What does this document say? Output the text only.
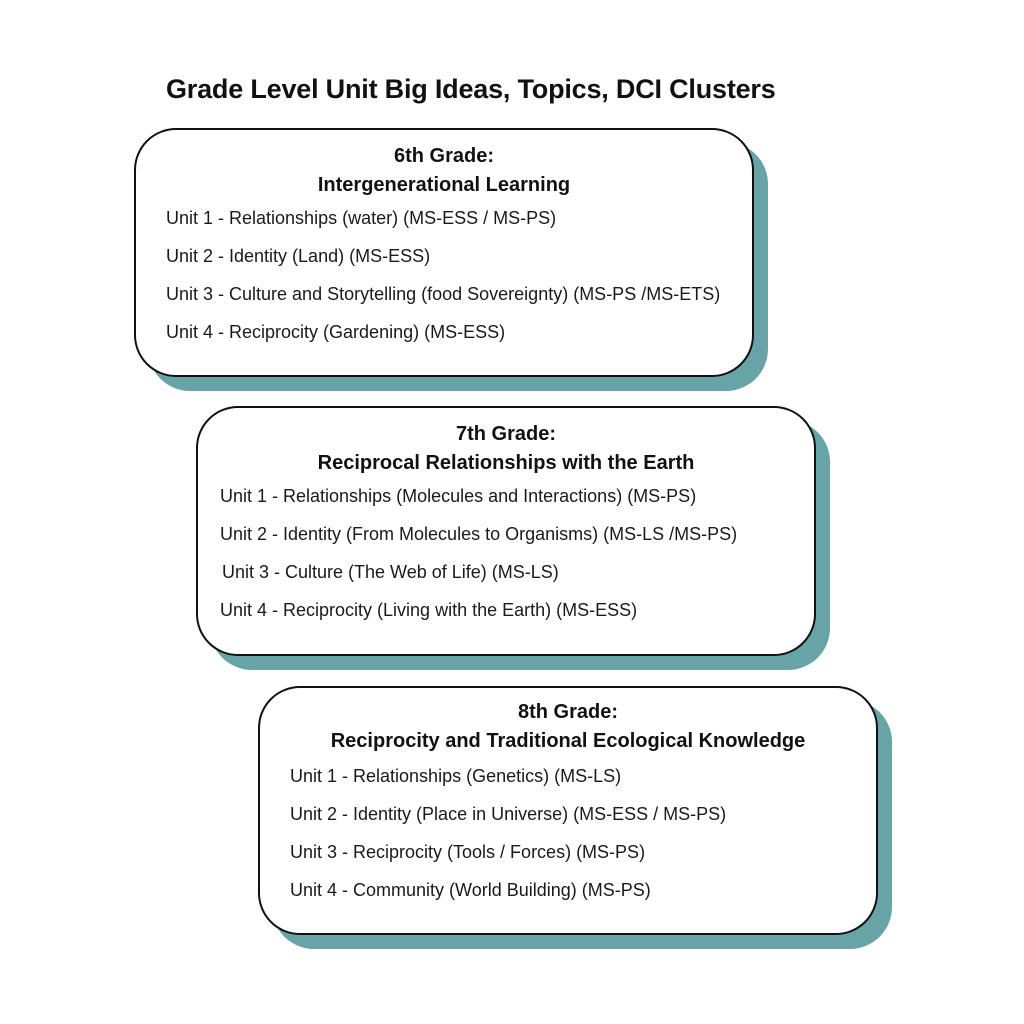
Grade Level Unit Big Ideas, Topics, DCI Clusters
6th Grade:
Intergenerational Learning
Unit 1 - Relationships (water) (MS-ESS / MS-PS)
Unit 2 - Identity (Land) (MS-ESS)
Unit 3 - Culture and Storytelling (food Sovereignty) (MS-PS /MS-ETS)
Unit 4 - Reciprocity (Gardening) (MS-ESS)
7th Grade:
Reciprocal Relationships with the Earth
Unit 1 - Relationships (Molecules and Interactions) (MS-PS)
Unit 2 - Identity (From Molecules to Organisms) (MS-LS /MS-PS)
Unit 3 - Culture (The Web of Life) (MS-LS)
Unit 4 - Reciprocity (Living with the Earth) (MS-ESS)
8th Grade:
Reciprocity and Traditional Ecological Knowledge
Unit 1 - Relationships (Genetics) (MS-LS)
Unit 2 - Identity (Place in Universe) (MS-ESS / MS-PS)
Unit 3 - Reciprocity (Tools / Forces) (MS-PS)
Unit 4 - Community (World Building) (MS-PS)
